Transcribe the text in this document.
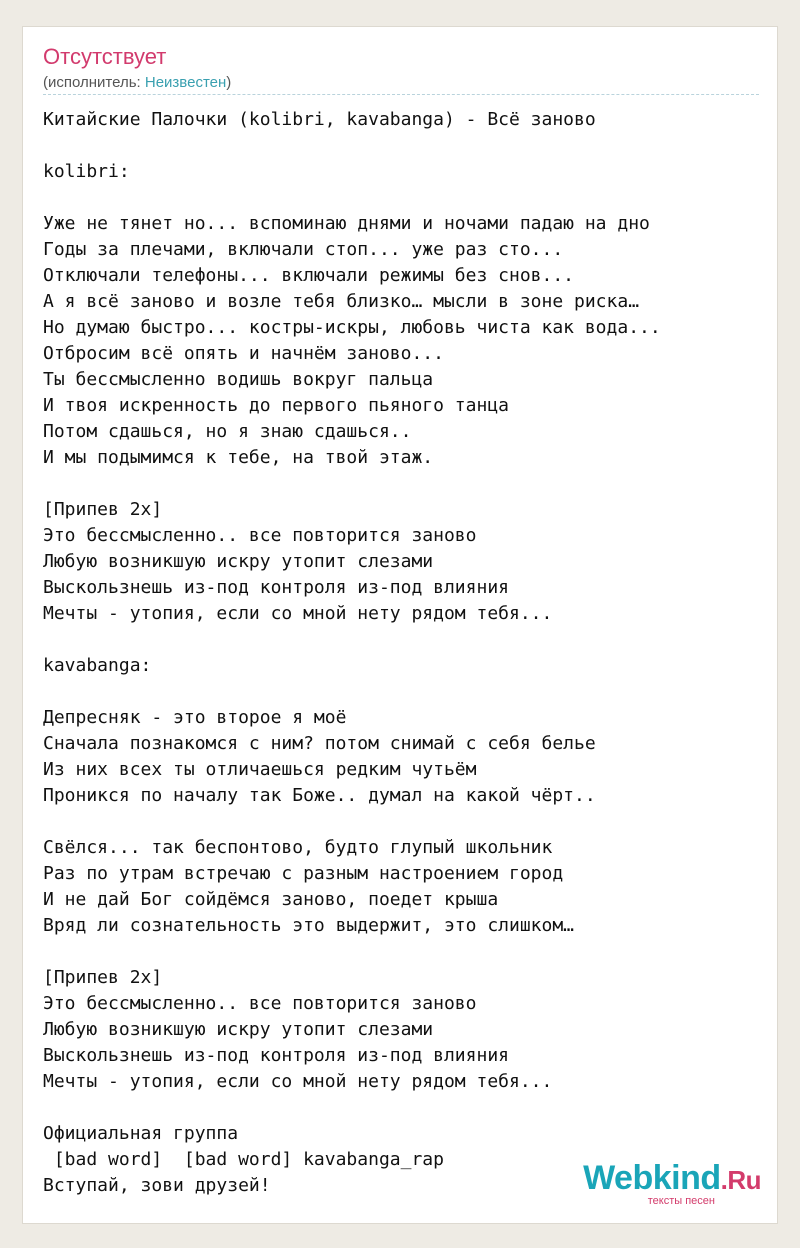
Отсутствует
(исполнитель: Неизвестен)
Китайские Палочки (kolibri, kavabanga) - Всё заново

kolibri:

Уже не тянет но... вспоминаю днями и ночами падаю на дно
Годы за плечами, включали стоп... уже раз сто...
Отключали телефоны... включали режимы без снов...
А я всё заново и возле тебя близко… мысли в зоне риска…
Но думаю быстро... костры-искры, любовь чиста как вода...
Отбросим всё опять и начнём заново...
Ты бессмысленно водишь вокруг пальца
И твоя искренность до первого пьяного танца
Потом сдашься, но я знаю сдашься..
И мы подымимся к тебе, на твой этаж.

[Припев 2x]
Это бессмысленно.. все повторится заново
Любую возникшую искру утопит слезами
Выскользнешь из-под контроля из-под влияния
Мечты - утопия, если со мной нету рядом тебя...

kavabanga:

Депресняк - это второе я моё
Сначала познакомся с ним? потом снимай с себя белье
Из них всех ты отличаешься редким чутьём
Проникся по началу так Боже.. думал на какой чёрт..

Свёлся... так беспонтово, будто глупый школьник
Раз по утрам встречаю с разным настроением город
И не дай Бог сойдёмся заново, поедет крыша
Вряд ли сознательность это выдержит, это слишком…

[Припев 2x]
Это бессмысленно.. все повторится заново
Любую возникшую искру утопит слезами
Выскользнешь из-под контроля из-под влияния
Мечты - утопия, если со мной нету рядом тебя...

Официальная группа
[bad word]  [bad word] kavabanga_rap
Вступай, зови друзей!	Webkind.Ru
тексты песен
